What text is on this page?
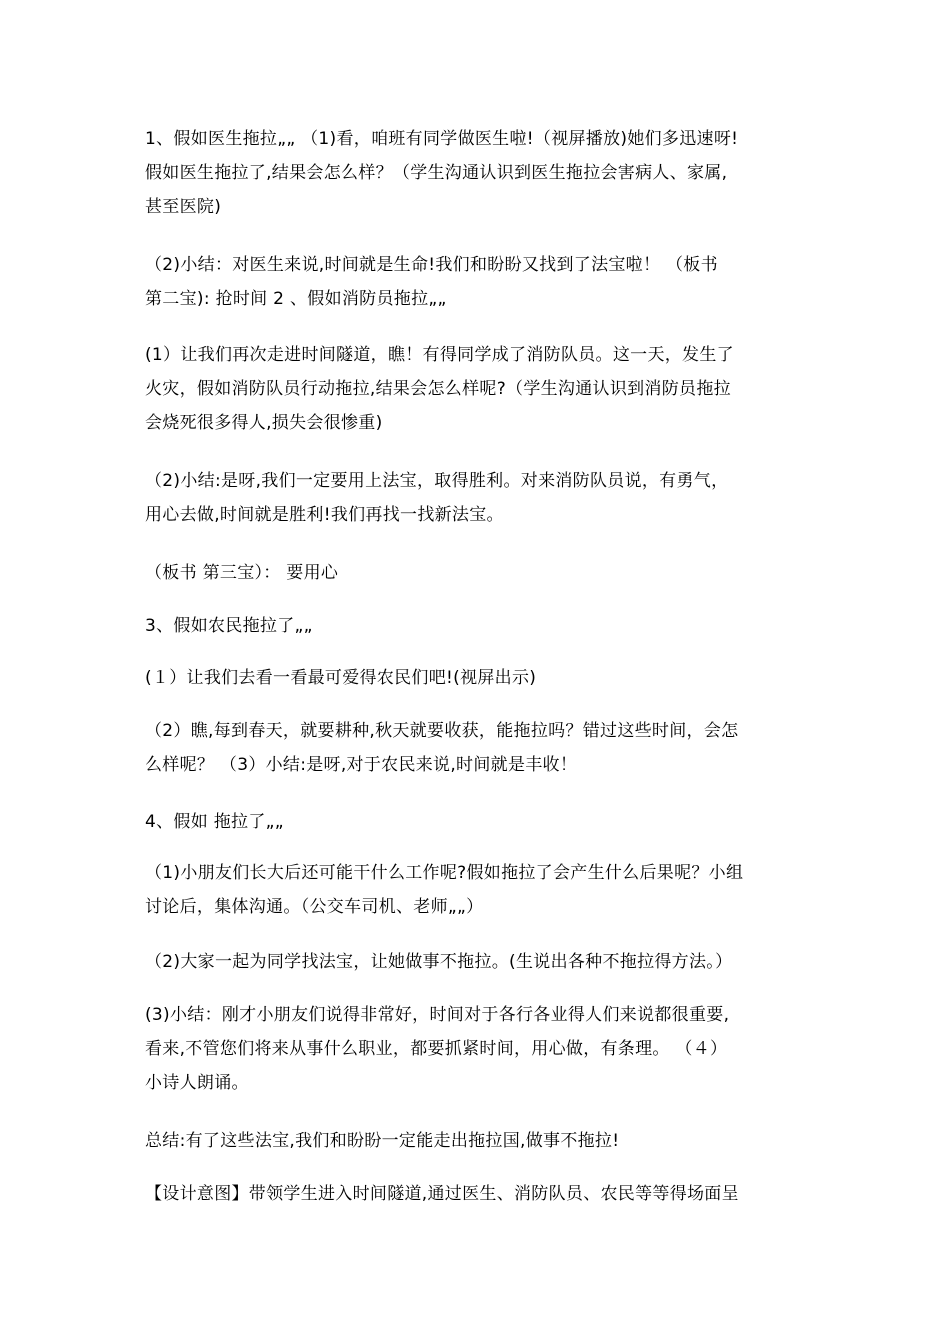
1、假如医生拖拉„„ （1)看，咱班有同学做医生啦!（视屏播放)她们多迅速呀!
假如医生拖拉了,结果会怎么样？（学生沟通认识到医生拖拉会害病人、家属,
甚至医院)

（2)小结：对医生来说,时间就是生命!我们和盼盼又找到了法宝啦！ （板书
第二宝): 抢时间 2 、假如消防员拖拉„„

(1）让我们再次走进时间隧道，瞧！有得同学成了消防队员。这一天，发生了
火灾，假如消防队员行动拖拉,结果会怎么样呢?（学生沟通认识到消防员拖拉
会烧死很多得人,损失会很惨重)

（2)小结:是呀,我们一定要用上法宝，取得胜利。对来消防队员说，有勇气，
用心去做,时间就是胜利!我们再找一找新法宝。

（板书 第三宝）： 要用心

3、假如农民拖拉了„„

(１）让我们去看一看最可爱得农民们吧!(视屏出示)

（2）瞧,每到春天，就要耕种,秋天就要收获，能拖拉吗？错过这些时间，会怎
么样呢？ （3）小结:是呀,对于农民来说,时间就是丰收！

4、假如 拖拉了„„

（1)小朋友们长大后还可能干什么工作呢?假如拖拉了会产生什么后果呢？小组
讨论后，集体沟通。（公交车司机、老师„„）

（2)大家一起为同学找法宝，让她做事不拖拉。(生说出各种不拖拉得方法。）

(3)小结：刚才小朋友们说得非常好，时间对于各行各业得人们来说都很重要,
看来,不管您们将来从事什么职业，都要抓紧时间，用心做，有条理。 （４）
小诗人朗诵。

总结:有了这些法宝,我们和盼盼一定能走出拖拉国,做事不拖拉!

【设计意图】带领学生进入时间隧道,通过医生、消防队员、农民等等得场面呈
